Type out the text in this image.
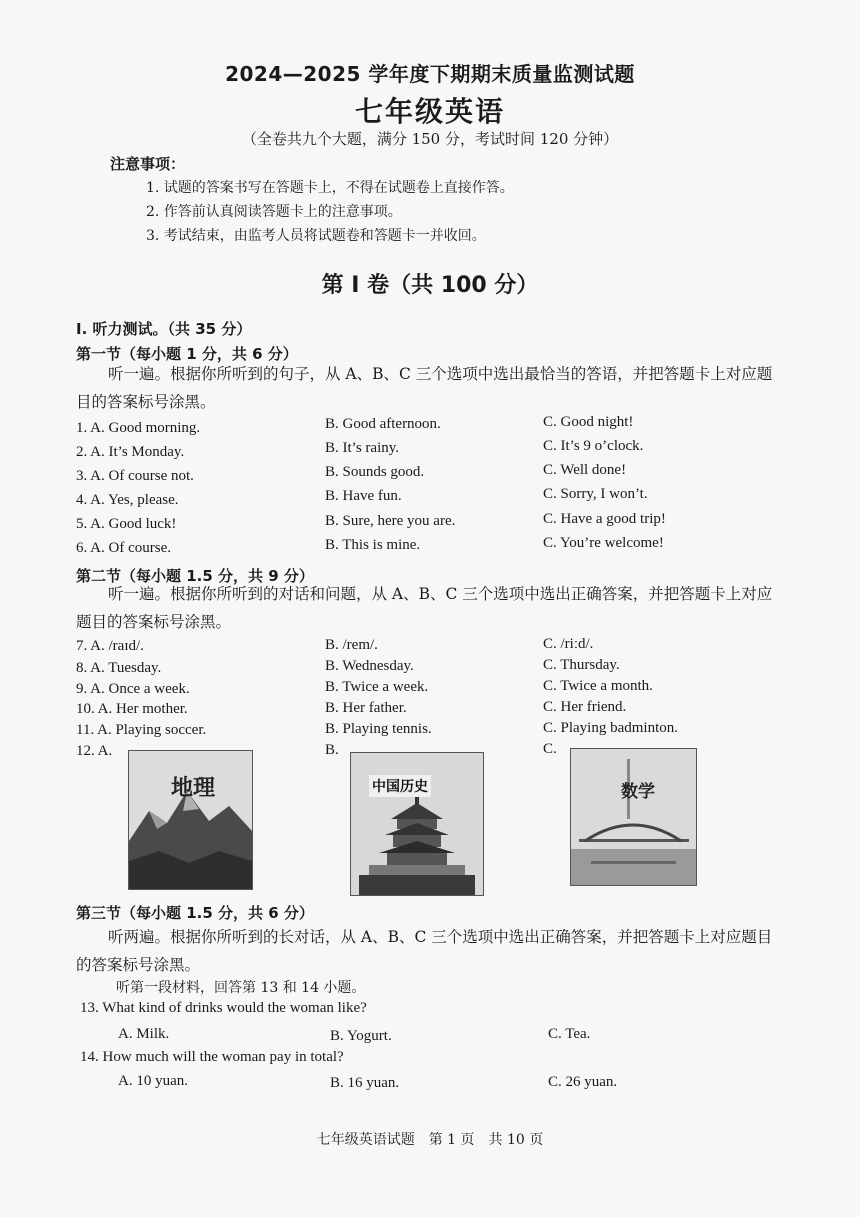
2024—2025 学年度下期期末质量监测试题
七年级英语
（全卷共九个大题，满分 150 分，考试时间 120 分钟）
注意事项：
1. 试题的答案书写在答题卡上，不得在试题卷上直接作答。
2. 作答前认真阅读答题卡上的注意事项。
3. 考试结束，由监考人员将试题卷和答题卡一并收回。
第 Ⅰ 卷（共 100 分）
I. 听力测试。（共 35 分）
第一节（每小题 1 分，共 6 分）
听一遍。根据你所听到的句子，从 A、B、C 三个选项中选出最恰当的答语，并把答题卡上对应题目的答案标号涂黑。
1. A. Good morning.	B. Good afternoon.	C. Good night!
2. A. It’s Monday.	B. It’s rainy.	C. It’s 9 o’clock.
3. A. Of course not.	B. Sounds good.	C. Well done!
4. A. Yes, please.	B. Have fun.	C. Sorry, I won’t.
5. A. Good luck!	B. Sure, here you are.	C. Have a good trip!
6. A. Of course.	B. This is mine.	C. You’re welcome!
第二节（每小题 1.5 分，共 9 分）
听一遍。根据你所听到的对话和问题，从 A、B、C 三个选项中选出正确答案，并把答题卡上对应题目的答案标号涂黑。
7. A. /raɪd/.	B. /rem/.	C. /riːd/.
8. A. Tuesday.	B. Wednesday.	C. Thursday.
9. A. Once a week.	B. Twice a week.	C. Twice a month.
10. A. Her mother.	B. Her father.	C. Her friend.
11. A. Playing soccer.	B. Playing tennis.	C. Playing badminton.
12. A.	B.	C.
地理	中国历史	数学
第三节（每小题 1.5 分，共 6 分）
听两遍。根据你所听到的长对话，从 A、B、C 三个选项中选出正确答案，并把答题卡上对应题目的答案标号涂黑。
听第一段材料，回答第 13 和 14 小题。
13. What kind of drinks would the woman like?
A. Milk.	B. Yogurt.	C. Tea.
14. How much will the woman pay in total?
A. 10 yuan.	B. 16 yuan.	C. 26 yuan.
七年级英语试题　第 1 页　共 10 页
